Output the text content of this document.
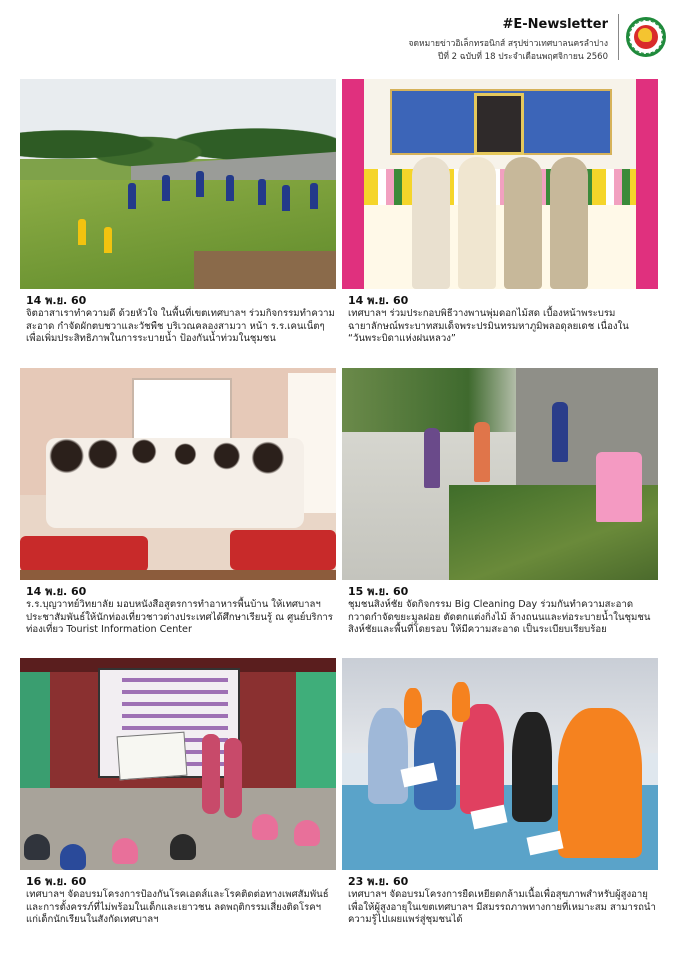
#E-Newsletter
จดหมายข่าวอิเล็กทรอนิกส์ สรุปข่าวเทศบาลนครลำปาง
ปีที่ 2 ฉบับที่ 18 ประจำเดือนพฤศจิกายน 2560
14 พ.ย. 60
จิตอาสาเราทำความดี ด้วยหัวใจ ในพื้นที่เขตเทศบาลฯ ร่วมกิจกรรมทำความสะอาด กำจัดผักตบชวาและวัชพืช บริเวณคลองสามวา หน้า ร.ร.เคนเน็ตๆ เพื่อเพิ่มประสิทธิภาพในการระบายน้ำ ป้องกันน้ำท่วมในชุมชน
14 พ.ย. 60
เทศบาลฯ ร่วมประกอบพิธีวางพานพุ่มดอกไม้สด เบื้องหน้าพระบรมฉายาลักษณ์พระบาทสมเด็จพระปรมินทรมหาภูมิพลอดุลยเดช เนื่องใน “วันพระบิดาแห่งฝนหลวง”
14 พ.ย. 60
ร.ร.บุญวาทย์วิทยาลัย มอบหนังสือสูตรการทำอาหารพื้นบ้าน ให้เทศบาลฯ ประชาสัมพันธ์ให้นักท่องเที่ยวชาวต่างประเทศได้ศึกษาเรียนรู้ ณ ศูนย์บริการท่องเที่ยว Tourist Information Center
15 พ.ย. 60
ชุมชนสิงห์ชัย จัดกิจกรรม Big Cleaning Day ร่วมกันทำความสะอาด กวาดกำจัดขยะมูลฝอย ตัดตกแต่งกิ่งไม้ ล้างถนนและท่อระบายน้ำในชุมชนสิงห์ชัยและพื้นที่โดยรอบ ให้มีความสะอาด เป็นระเบียบเรียบร้อย
16 พ.ย. 60
เทศบาลฯ จัดอบรมโครงการป้องกันโรคเอดส์และโรคติดต่อทางเพศสัมพันธ์ และการตั้งครรภ์ที่ไม่พร้อมในเด็กและเยาวชน ลดพฤติกรรมเสี่ยงติดโรคฯ แก่เด็กนักเรียนในสังกัดเทศบาลฯ
23 พ.ย. 60
เทศบาลฯ จัดอบรมโครงการยืดเหยียดกล้ามเนื้อเพื่อสุขภาพสำหรับผู้สูงอายุ เพื่อให้ผู้สูงอายุในเขตเทศบาลฯ มีสมรรถภาพทางกายที่เหมาะสม สามารถนำความรู้ไปเผยแพร่สู่ชุมชนได้
